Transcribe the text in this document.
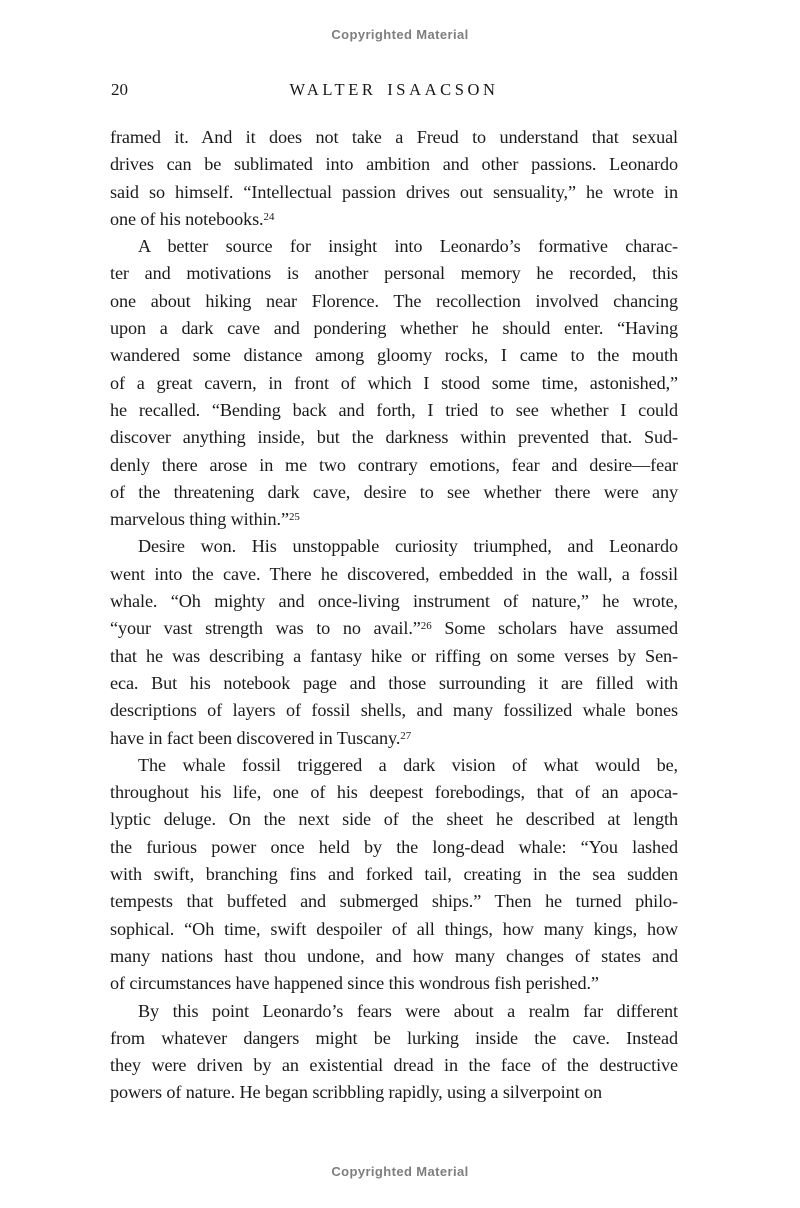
Copyrighted Material
20	WALTER ISAACSON
framed it. And it does not take a Freud to understand that sexual
drives can be sublimated into ambition and other passions. Leonardo
said so himself. “Intellectual passion drives out sensuality,” he wrote in
one of his notebooks.$^{24}$
A better source for insight into Leonardo’s formative charac-
ter and motivations is another personal memory he recorded, this
one about hiking near Florence. The recollection involved chancing
upon a dark cave and pondering whether he should enter. “Having
wandered some distance among gloomy rocks, I came to the mouth
of a great cavern, in front of which I stood some time, astonished,”
he recalled. “Bending back and forth, I tried to see whether I could
discover anything inside, but the darkness within prevented that. Sud-
denly there arose in me two contrary emotions, fear and desire—fear
of the threatening dark cave, desire to see whether there were any
marvelous thing within.”$^{25}$
Desire won. His unstoppable curiosity triumphed, and Leonardo
went into the cave. There he discovered, embedded in the wall, a fossil
whale. “Oh mighty and once-living instrument of nature,” he wrote,
“your vast strength was to no avail.”$^{26}$ Some scholars have assumed
that he was describing a fantasy hike or riffing on some verses by Sen-
eca. But his notebook page and those surrounding it are filled with
descriptions of layers of fossil shells, and many fossilized whale bones
have in fact been discovered in Tuscany.$^{27}$
The whale fossil triggered a dark vision of what would be,
throughout his life, one of his deepest forebodings, that of an apoca-
lyptic deluge. On the next side of the sheet he described at length
the furious power once held by the long-dead whale: “You lashed
with swift, branching fins and forked tail, creating in the sea sudden
tempests that buffeted and submerged ships.” Then he turned philo-
sophical. “Oh time, swift despoiler of all things, how many kings, how
many nations hast thou undone, and how many changes of states and
of circumstances have happened since this wondrous fish perished.”
By this point Leonardo’s fears were about a realm far different
from whatever dangers might be lurking inside the cave. Instead
they were driven by an existential dread in the face of the destructive
powers of nature. He began scribbling rapidly, using a silverpoint on
Copyrighted Material
